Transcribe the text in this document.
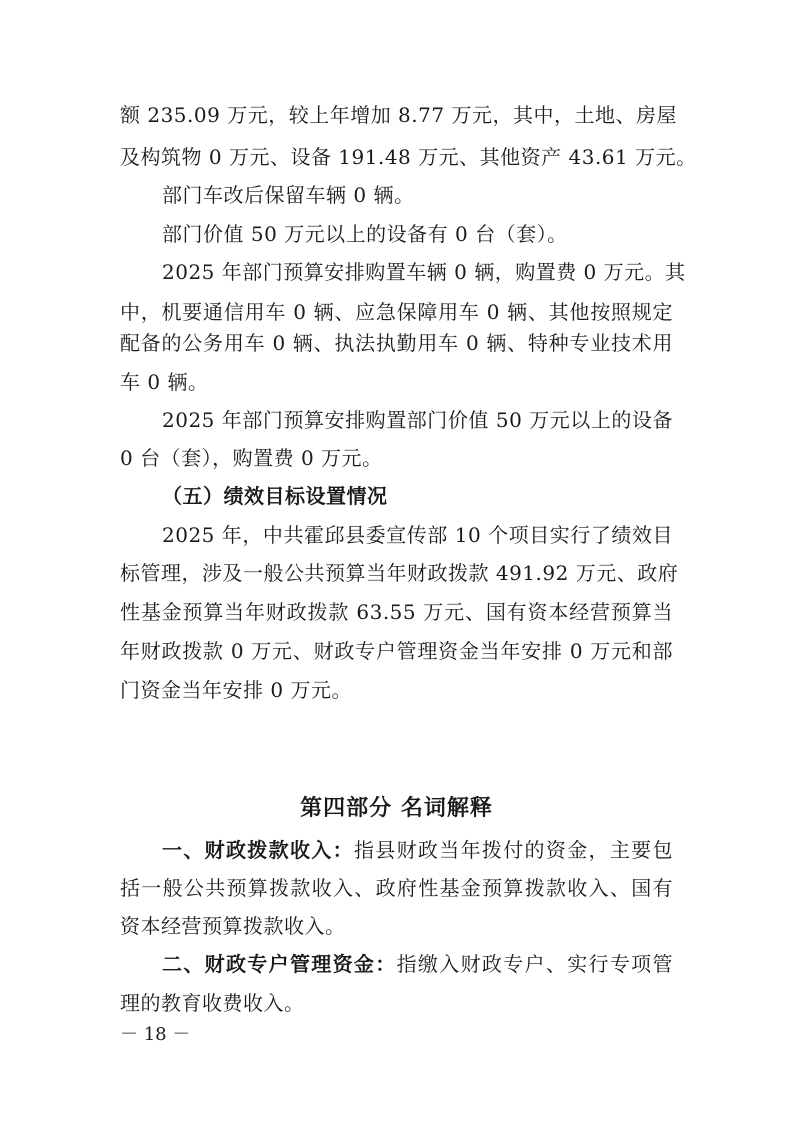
额 235.09 万元，较上年增加 8.77 万元，其中，土地、房屋
及构筑物 0 万元、设备 191.48 万元、其他资产 43.61 万元。
部门车改后保留车辆 0 辆。
部门价值 50 万元以上的设备有 0 台（套）。
2025 年部门预算安排购置车辆 0 辆，购置费 0 万元。其
中，机要通信用车 0 辆、应急保障用车 0 辆、其他按照规定
配备的公务用车 0 辆、执法执勤用车 0 辆、特种专业技术用
车 0 辆。
2025 年部门预算安排购置部门价值 50 万元以上的设备
0 台（套），购置费 0 万元。
（五）绩效目标设置情况
2025 年，中共霍邱县委宣传部 10 个项目实行了绩效目
标管理，涉及一般公共预算当年财政拨款 491.92 万元、政府
性基金预算当年财政拨款 63.55 万元、国有资本经营预算当
年财政拨款 0 万元、财政专户管理资金当年安排 0 万元和部
门资金当年安排 0 万元。
第四部分 名词解释
一、财政拨款收入：指县财政当年拨付的资金，主要包
括一般公共预算拨款收入、政府性基金预算拨款收入、国有
资本经营预算拨款收入。
二、财政专户管理资金：指缴入财政专户、实行专项管
理的教育收费收入。
－ 18 －
